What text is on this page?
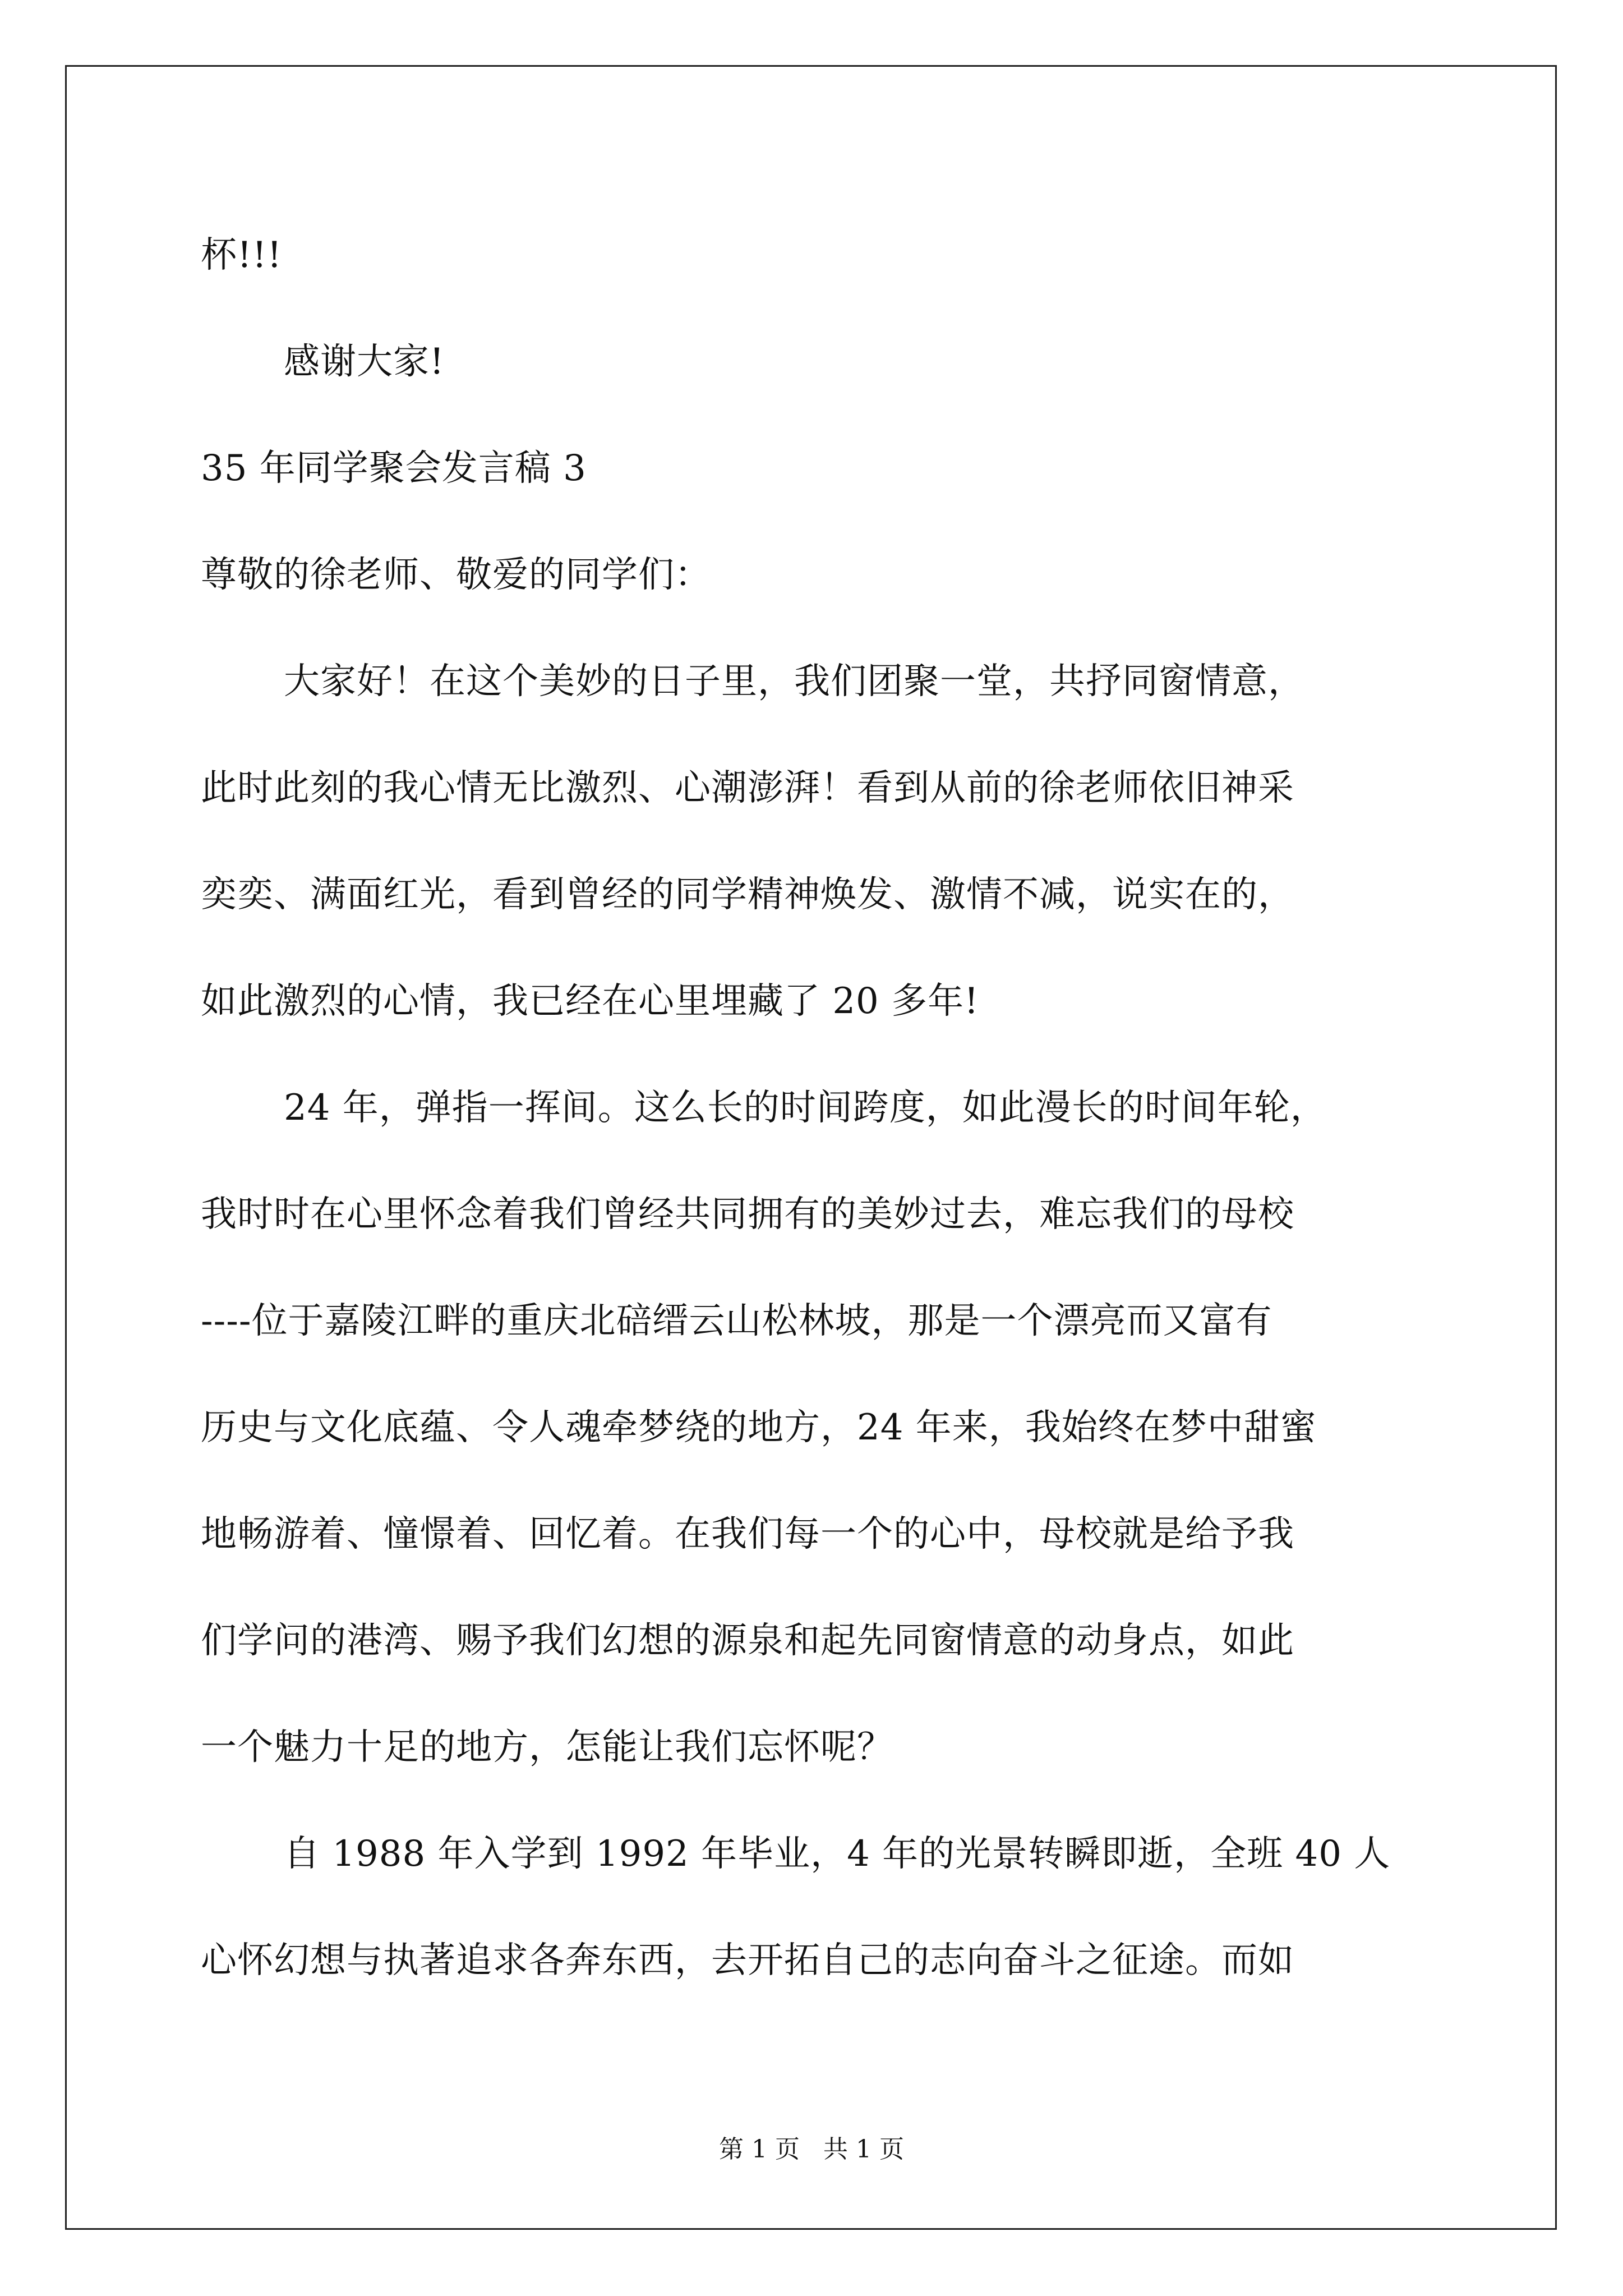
杯!!!
感谢大家!
35 年同学聚会发言稿 3
尊敬的徐老师、敬爱的同学们：
大家好！在这个美妙的日子里，我们团聚一堂，共抒同窗情意，
此时此刻的我心情无比激烈、心潮澎湃！看到从前的徐老师依旧神采
奕奕、满面红光，看到曾经的同学精神焕发、激情不减，说实在的，
如此激烈的心情，我已经在心里埋藏了 20 多年!
24 年，弹指一挥间。这么长的时间跨度，如此漫长的时间年轮，
我时时在心里怀念着我们曾经共同拥有的美妙过去，难忘我们的母校
----位于嘉陵江畔的重庆北碚缙云山松林坡，那是一个漂亮而又富有
历史与文化底蕴、令人魂牵梦绕的地方，24 年来，我始终在梦中甜蜜
地畅游着、憧憬着、回忆着。在我们每一个的心中，母校就是给予我
们学问的港湾、赐予我们幻想的源泉和起先同窗情意的动身点，如此
一个魅力十足的地方，怎能让我们忘怀呢？
自 1988 年入学到 1992 年毕业，4 年的光景转瞬即逝，全班 40 人
心怀幻想与执著追求各奔东西，去开拓自己的志向奋斗之征途。而如
第 1 页   共 1 页
